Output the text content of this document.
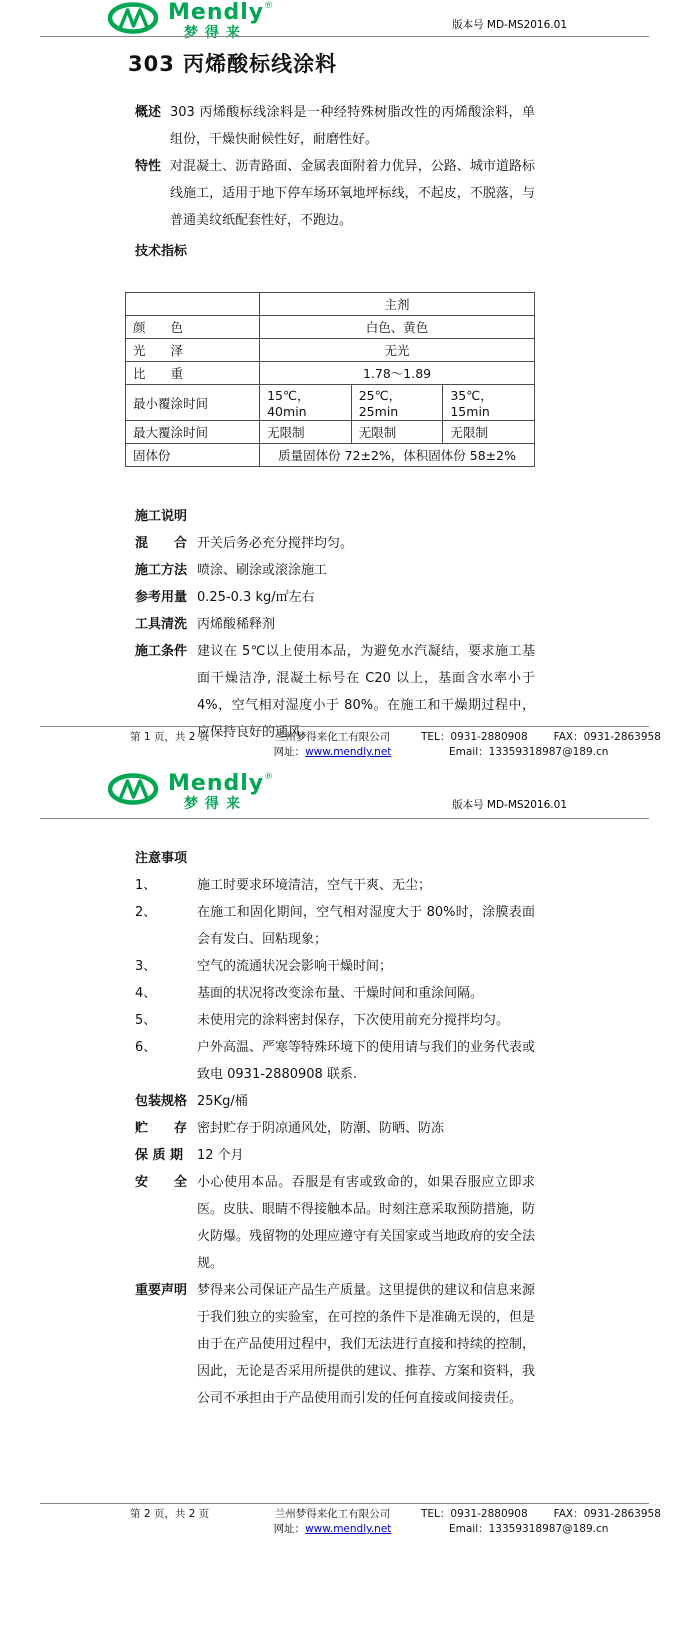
Mendly®
梦得来	版本号 MD-MS2016.01
303 丙烯酸标线涂料
概述 303 丙烯酸标线涂料是一种经特殊树脂改性的丙烯酸涂料，单组份，干燥快耐候性好，耐磨性好。
特性 对混凝土、沥青路面、金属表面附着力优异，公路、城市道路标线施工，适用于地下停车场环氧地坪标线，不起皮，不脱落，与普通美纹纸配套性好，不跑边。
技术指标
	主剂		
颜　　色	白色、黄色		
光　　泽	无光		
比　　重	1.78～1.89		
最小覆涂时间	15℃，40min	25℃，25min	35℃，15min
最大覆涂时间	无限制	无限制	无限制
固体份	质量固体份 72±2%，体积固体份 58±2%		
施工说明
混　　合 开关后务必充分搅拌均匀。
施工方法 喷涂、刷涂或滚涂施工
参考用量 0.25-0.3 kg/㎡左右
工具清洗 丙烯酸稀释剂
施工条件 建议在 5℃以上使用本品，为避免水汽凝结，要求施工基面干燥洁净, 混凝土标号在 C20 以上，基面含水率小于 4%，空气相对湿度小于 80%。在施工和干燥期过程中，应保持良好的通风。
第 1 页，共 2 页	兰州梦得来化工有限公司
网址：www.mendly.net
TEL：0931-2880908 FAX：0931-2863958
Email：13359318987@189.cn
Mendly®
梦得来	版本号 MD-MS2016.01
注意事项
1、	施工时要求环境清洁，空气干爽、无尘；
2、	在施工和固化期间，空气相对湿度大于 80%时，涂膜表面会有发白、回粘现象；
3、	空气的流通状况会影响干燥时间；
4、	基面的状况将改变涂布量、干燥时间和重涂间隔。
5、	未使用完的涂料密封保存，下次使用前充分搅拌均匀。
6、	户外高温、严寒等特殊环境下的使用请与我们的业务代表或致电 0931-2880908 联系.
包装规格 25Kg/桶
贮　　存 密封贮存于阴凉通风处，防潮、防晒、防冻
保 质 期	12 个月
安　　全 小心使用本品。吞服是有害或致命的，如果吞服应立即求医。皮肤、眼睛不得接触本品。时刻注意采取预防措施，防火防爆。残留物的处理应遵守有关国家或当地政府的安全法规。
重要声明 梦得来公司保证产品生产质量。这里提供的建议和信息来源于我们独立的实验室，在可控的条件下是准确无误的，但是由于在产品使用过程中，我们无法进行直接和持续的控制，因此，无论是否采用所提供的建议、推荐、方案和资料，我公司不承担由于产品使用而引发的任何直接或间接责任。
第 2 页，共 2 页	兰州梦得来化工有限公司
网址：www.mendly.net
TEL：0931-2880908 FAX：0931-2863958
Email：13359318987@189.cn
